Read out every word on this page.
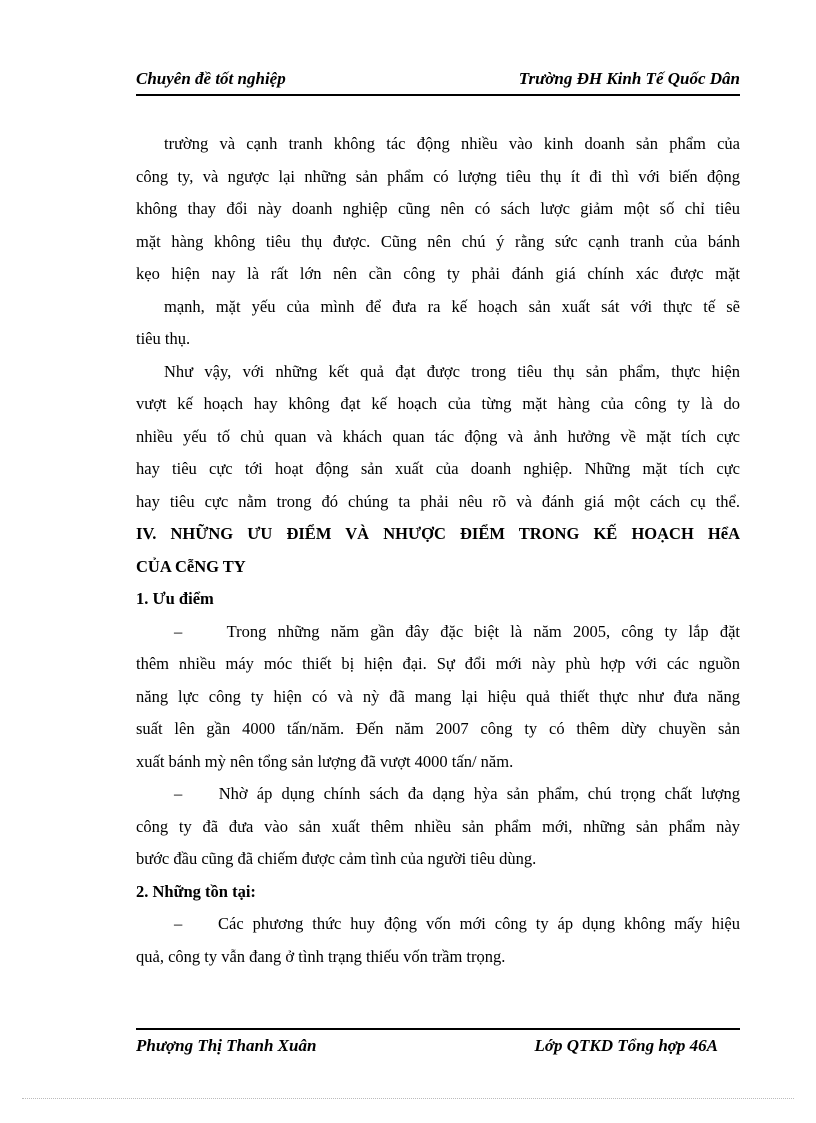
Chuyên đề tốt nghiệp	Trường ĐH Kinh Tế Quốc Dân
trường và cạnh tranh không tác động nhiều vào kinh doanh sản phẩm của
công ty, và ngược lại những sản phẩm có lượng tiêu thụ ít đi thì với biến động
không thay đổi này doanh nghiệp cũng nên có sách lược giảm một số chỉ tiêu
mặt hàng không tiêu thụ được. Cũng nên chú ý rằng sức cạnh tranh của bánh
kẹo hiện nay là rất lớn nên cần công ty phải đánh giá chính xác được mặt
mạnh, mặt yếu của mình để đưa ra kế hoạch sản xuất sát với thực tế sẽ
tiêu thụ.
Như vậy, với những kết quả đạt được trong tiêu thụ sản phẩm, thực hiện
vượt kế hoạch hay không đạt kế hoạch của từng mặt hàng của công ty là do
nhiều yếu tố chủ quan và khách quan tác động và ảnh hưởng về mặt tích cực
hay tiêu cực tới hoạt động sản xuất của doanh nghiệp. Những mặt tích cực
hay tiêu cực nằm trong đó chúng ta phải nêu rõ và đánh giá một cách cụ thể.
IV. NHỮNG ƯU ĐIỂM VÀ NHƯỢC ĐIỂM TRONG KẾ HOẠCH HểA
CỦA CễNG TY
1. Ưu điểm
–    Trong những năm gần đây đặc biệt là năm 2005, công ty lắp đặt
thêm nhiều máy móc thiết bị hiện đại. Sự đổi mới này phù hợp với các nguồn
năng lực công ty hiện có và nỳ đã mang lại hiệu quả thiết thực như đưa năng
suất lên gần 4000 tấn/năm. Đến năm 2007 công ty có thêm dừy chuyền sản
xuất bánh mỳ nên tổng sản lượng đã vượt 4000 tấn/ năm.
–    Nhờ áp dụng chính sách đa dạng hỳa sản phẩm, chú trọng chất lượng
công ty đã đưa vào sản xuất thêm nhiều sản phẩm mới, những sản phẩm này
bước đầu cũng đã chiếm được cảm tình của người tiêu dùng.
2. Những tồn tại:
–    Các phương thức huy động vốn mới công ty áp dụng không mấy hiệu
quả, công ty vẫn đang ở tình trạng thiếu vốn trầm trọng.
Phượng Thị Thanh Xuân	Lớp QTKD Tổng hợp 46A
